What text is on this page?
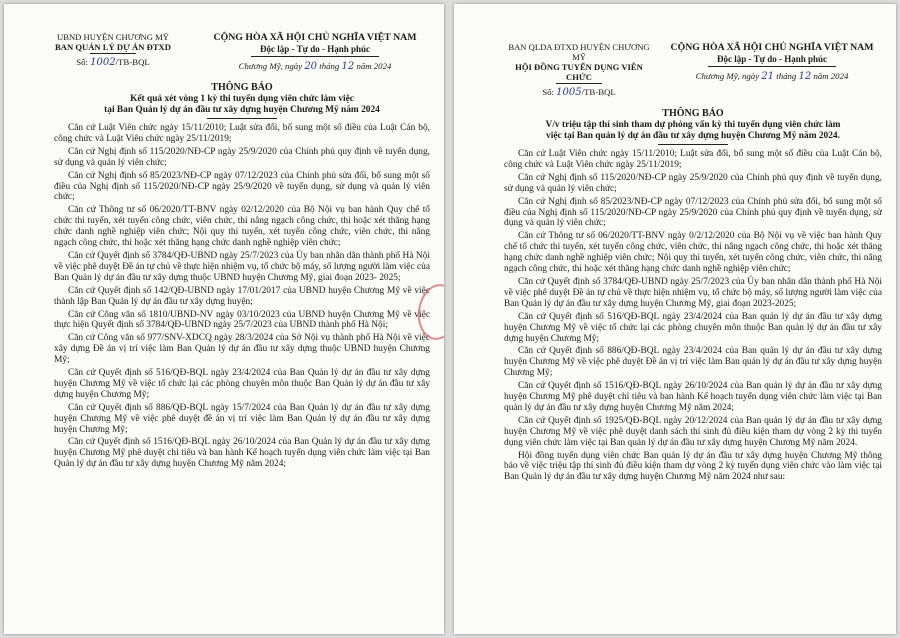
UBND HUYỆN CHƯƠNG MỸ
BAN QUẢN LÝ DỰ ÁN ĐTXD
Số: 1002/TB-BQL
CỘNG HÒA XÃ HỘI CHỦ NGHĨA VIỆT NAM
Độc lập - Tự do - Hạnh phúc
Chương Mỹ, ngày 20 tháng 12 năm 2024
THÔNG BÁO
Kết quả xét vòng 1 kỳ thi tuyển dụng viên chức làm việc
tại Ban Quản lý dự án đầu tư xây dựng huyện Chương Mỹ năm 2024

Căn cứ Luật Viên chức ngày 15/11/2010; Luật sửa đổi, bổ sung một số điều của Luật Cán bộ, công chức và Luật Viên chức ngày 25/11/2019;

Căn cứ Nghị định số 115/2020/NĐ-CP ngày 25/9/2020 của Chính phủ quy định về tuyển dụng, sử dụng và quản lý viên chức;

Căn cứ Nghị định số 85/2023/NĐ-CP ngày 07/12/2023 của Chính phủ sửa đổi, bổ sung một số điều của Nghị định số 115/2020/NĐ-CP ngày 25/9/2020 về tuyển dụng, sử dụng và quản lý viên chức;

Căn cứ Thông tư số 06/2020/TT-BNV ngày 02/12/2020 của Bộ Nội vụ ban hành Quy chế tổ chức thi tuyển, xét tuyển công chức, viên chức, thi nâng ngạch công chức, thi hoặc xét thăng hạng chức danh nghề nghiệp viên chức; Nội quy thi tuyển, xét tuyển công chức, viên chức, thi nâng ngạch công chức, thi hoặc xét thăng hạng chức danh nghề nghiệp viên chức;

Căn cứ Quyết định số 3784/QĐ-UBND ngày 25/7/2023 của Ủy ban nhân dân thành phố Hà Nội về việc phê duyệt Đề án tự chủ về thực hiện nhiệm vụ, tổ chức bộ máy, số lượng người làm việc của Ban Quản lý dự án đầu tư xây dựng thuộc UBND huyện Chương Mỹ, giai đoạn 2023- 2025;

Căn cứ Quyết định số 142/QĐ-UBND ngày 17/01/2017 của UBND huyện Chương Mỹ về việc thành lập Ban Quản lý dự án đầu tư xây dựng huyện;

Căn cứ Công văn số 1810/UBND-NV ngày 03/10/2023 của UBND huyện Chương Mỹ về việc thực hiện Quyết định số 3784/QĐ-UBND ngày 25/7/2023 của UBND thành phố Hà Nội;

Căn cứ Công văn số 977/SNV-XDCQ ngày 28/3/2024 của Sở Nội vụ thành phố Hà Nội về việc xây dựng Đề án vị trí việc làm Ban Quản lý dự án đầu tư xây dựng thuộc UBND huyện Chương Mỹ;

Căn cứ Quyết định số 516/QĐ-BQL ngày 23/4/2024 của Ban Quản lý dự án đầu tư xây dựng huyện Chương Mỹ về việc tổ chức lại các phòng chuyên môn thuộc Ban Quản lý dự án đầu tư xây dựng huyện Chương Mỹ;

Căn cứ Quyết định số 886/QĐ-BQL ngày 15/7/2024 của Ban Quản lý dự án đầu tư xây dựng huyện Chương Mỹ về việc phê duyệt đề án vị trí việc làm Ban Quản lý dự án đầu tư xây dựng huyện Chương Mỹ;

Căn cứ Quyết định số 1516/QĐ-BQL ngày 26/10/2024 của Ban Quản lý dự án đầu tư xây dựng huyện Chương Mỹ phê duyệt chỉ tiêu và ban hành Kế hoạch tuyển dụng viên chức làm việc tại Ban Quản lý dự án đầu tư xây dựng huyện Chương Mỹ năm 2024;

BAN QLDA ĐTXD HUYỆN CHƯƠNG MỸ
HỘI ĐỒNG TUYỂN DỤNG VIÊN CHỨC
Số: 1005/TB-BQL
CỘNG HÒA XÃ HỘI CHỦ NGHĨA VIỆT NAM
Độc lập - Tự do - Hạnh phúc
Chương Mỹ, ngày 21 tháng 12 năm 2024
THÔNG BÁO
V/v triệu tập thí sinh tham dự phỏng vấn kỳ thi tuyển dụng viên chức làm
việc tại Ban quản lý dự án đầu tư xây dựng huyện Chương Mỹ năm 2024.

Căn cứ Luật Viên chức ngày 15/11/2010; Luật sửa đổi, bổ sung một số điều của Luật Cán bộ, công chức và Luật Viên chức ngày 25/11/2019;

Căn cứ Nghị định số 115/2020/NĐ-CP ngày 25/9/2020 của Chính phủ quy định về tuyển dụng, sử dụng và quản lý viên chức;

Căn cứ Nghị định số 85/2023/NĐ-CP ngày 07/12/2023 của Chính phủ sửa đổi, bổ sung một số điều của Nghị định số 115/2020/NĐ-CP ngày 25/9/2020 của Chính phủ quy định về tuyển dụng, sử dụng và quản lý viên chức;

Căn cứ Thông tư số 06/2020/TT-BNV ngày 0/2/12/2020 của Bộ Nội vụ về việc ban hành Quy chế tổ chức thi tuyển, xét tuyển công chức, viên chức, thi nâng ngạch công chức, thi hoặc xét thăng hạng chức danh nghề nghiệp viên chức; Nội quy thi tuyển, xét tuyển công chức, viên chức, thi nâng ngạch công chức, thi hoặc xét thăng hạng chức danh nghề nghiệp viên chức;

Căn cứ Quyết định số 3784/QĐ-UBND ngày 25/7/2023 của Ủy ban nhân dân thành phố Hà Nội về việc phê duyệt Đề án tự chủ về thực hiện nhiệm vụ, tổ chức bộ máy, số lượng người làm việc của Ban Quản lý dự án đầu tư xây dựng huyện Chương Mỹ, giai đoạn 2023-2025;

Căn cứ Quyết định số 516/QĐ-BQL ngày 23/4/2024 của Ban quản lý dự án đầu tư xây dựng huyện Chương Mỹ về việc tổ chức lại các phòng chuyên môn thuộc Ban quản lý dự án đầu tư xây dựng huyện Chương Mỹ;

Căn cứ Quyết định số 886/QĐ-BQL ngày 23/4/2024 của Ban quản lý dự án đầu tư xây dựng huyện Chương Mỹ về việc phê duyệt Đề án vị trí việc làm Ban quản lý dự án đầu tư xây dựng huyện Chương Mỹ;

Căn cứ Quyết định số 1516/QĐ-BQL ngày 26/10/2024 của Ban quản lý dự án đầu tư xây dựng huyện Chương Mỹ phê duyệt chỉ tiêu và ban hành Kế hoạch tuyển dụng viên chức làm việc tại Ban quản lý dự án đầu tư xây dựng huyện Chương Mỹ năm 2024;

Căn cứ Quyết định số 1925/QĐ-BQL ngày 20/12/2024 của Ban quản lý dự án đầu tư xây dựng huyện Chương Mỹ về việc phê duyệt danh sách thí sinh đủ điều kiện tham dự vòng 2 kỳ thi tuyển dụng viên chức làm việc tại Ban quản lý dự án đầu tư xây dựng huyện Chương Mỹ năm 2024.

Hội đồng tuyển dụng viên chức Ban quản lý dự án đầu tư xây dựng huyện Chương Mỹ thông báo về việc triệu tập thí sinh đủ điều kiện tham dự vòng 2 kỳ tuyển dụng viên chức vào làm việc tại Ban Quản lý dự án đầu tư xây dựng huyện Chương Mỹ năm 2024 như sau:
